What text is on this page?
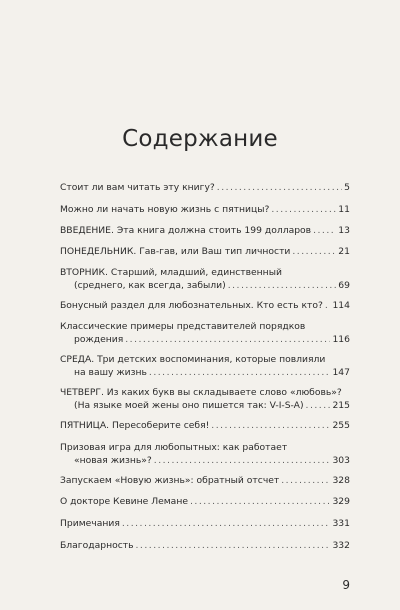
Содержание
Стоит ли вам читать эту книгу? .....	5
Можно ли начать новую жизнь с пятницы? .....	11
ВВЕДЕНИЕ. Эта книга должна стоить 199 долларов .....	13
ПОНЕДЕЛЬНИК. Гав-гав, или Ваш тип личности .....	21
ВТОРНИК. Старший, младший, единственный
(среднего, как всегда, забыли) .....	69
Бонусный раздел для любознательных. Кто есть кто? ..... 114
Классические примеры представителей порядков
рождения .....	116
СРЕДА. Три детских воспоминания, которые повлияли
на вашу жизнь .....	147
ЧЕТВЕРГ. Из каких букв вы складываете слово «любовь»?
(На языке моей жены оно пишется так: V-I-S-A) .....	215
ПЯТНИЦА. Пересоберите себя! .....	255
Призовая игра для любопытных: как работает
«новая жизнь»? .....	303
Запускаем «Новую жизнь»: обратный отсчет .....	328
О докторе Кевине Лемане .....	329
Примечания .....	331
Благодарность .....	332
9
